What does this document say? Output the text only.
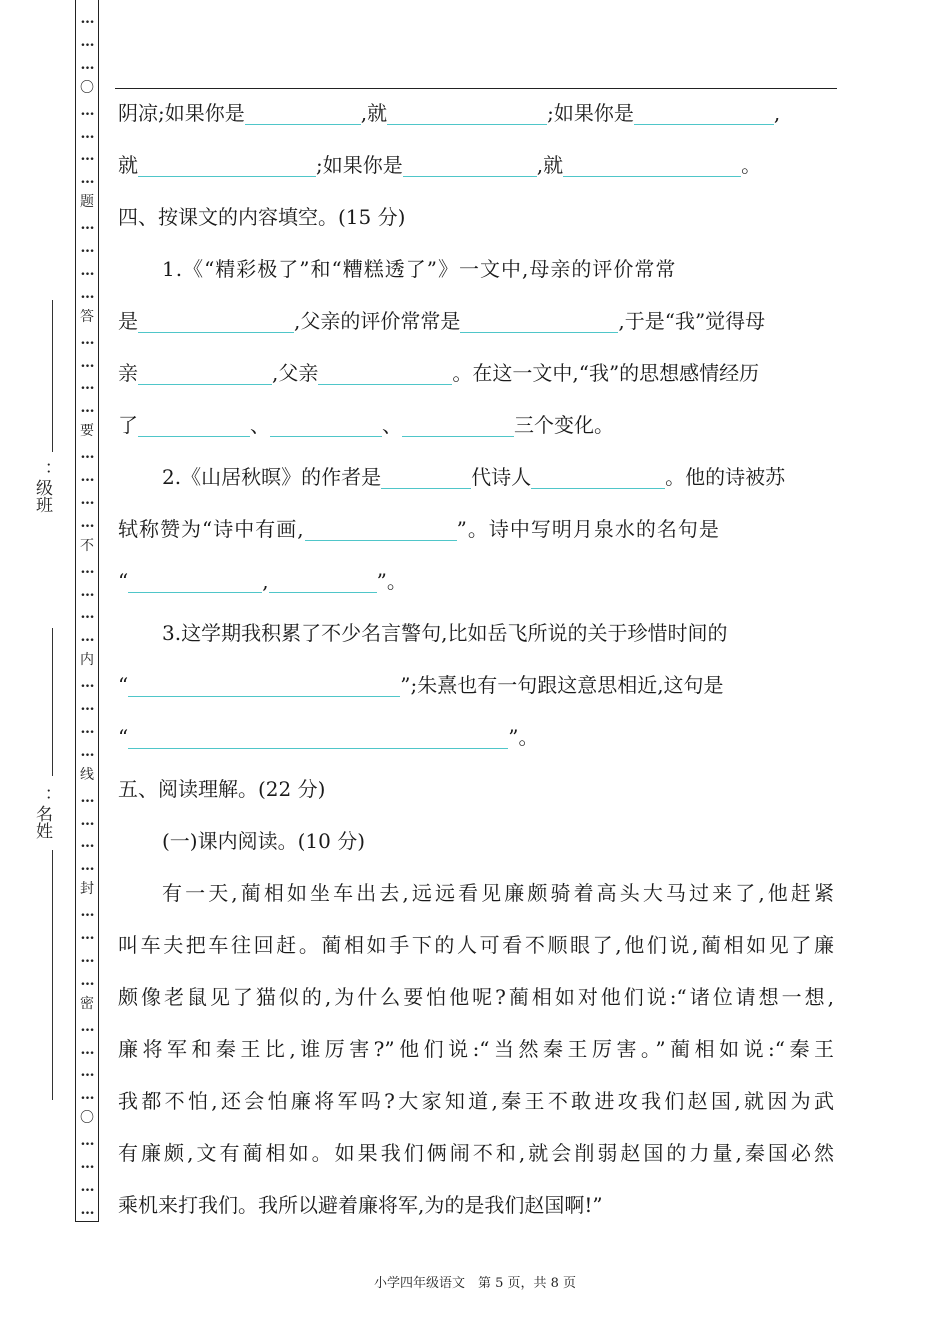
…
…
…
〇
…
…
…
…
题
…
…
…
…
答
…
…
…
…
要
…
…
…
…
不
…
…
…
…
内
…
…
…
…
线
…
…
…
…
封
…
…
…
…
密
…
…
…
…
〇
…
…
…
…
：级班
：名姓
阴凉;如果你是	,就	;如果你是	,
就	;如果你是	,就	。
四、按课文的内容填空。(15 分)
1.《“精彩极了”和“糟糕透了”》一文中,母亲的评价常常
是	,父亲的评价常常是	,于是“我”觉得母
亲	,父亲	。在这一文中,“我”的思想感情经历
了	、	、	三个变化。
2.《山居秋暝》的作者是	代诗人	。他的诗被苏
轼称赞为“诗中有画,	”。诗中写明月泉水的名句是
“	,	”。
3.这学期我积累了不少名言警句,比如岳飞所说的关于珍惜时间的
“	”;朱熹也有一句跟这意思相近,这句是
“	”。
五、阅读理解。(22 分)
(一)课内阅读。(10 分)
有一天,蔺相如坐车出去,远远看见廉颇骑着高头大马过来了,他赶紧
叫车夫把车往回赶。蔺相如手下的人可看不顺眼了,他们说,蔺相如见了廉
颇像老鼠见了猫似的,为什么要怕他呢?蔺相如对他们说:“诸位请想一想,
廉将军和秦王比,谁厉害?”他们说:“当然秦王厉害。”蔺相如说:“秦王
我都不怕,还会怕廉将军吗?大家知道,秦王不敢进攻我们赵国,就因为武
有廉颇,文有蔺相如。如果我们俩闹不和,就会削弱赵国的力量,秦国必然
乘机来打我们。我所以避着廉将军,为的是我们赵国啊!”
小学四年级语文　第 5 页，共 8 页
